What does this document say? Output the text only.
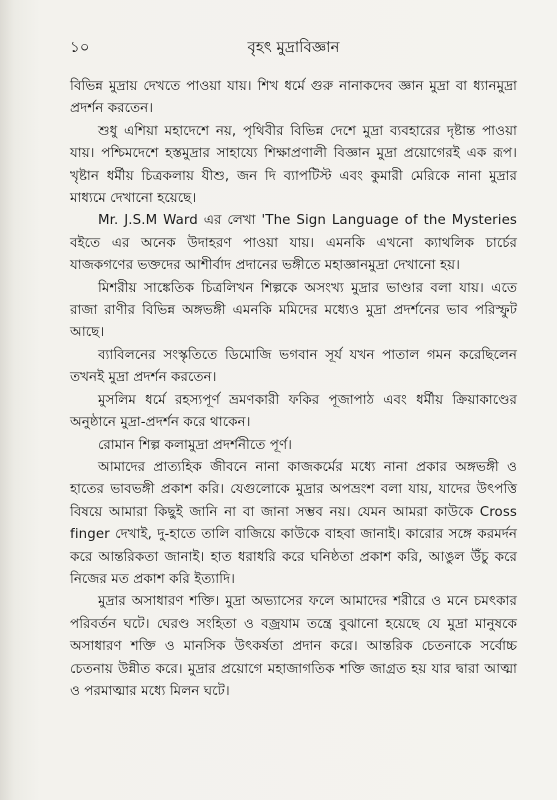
১০	বৃহৎ মুদ্রাবিজ্ঞান

বিভিন্ন মুদ্রায় দেখতে পাওয়া যায়। শিখ ধর্মে গুরু নানাকদেব জ্ঞান মুদ্রা বা ধ্যানমুদ্রা প্রদর্শন করতেন।

শুধু এশিয়া মহাদেশে নয়, পৃথিবীর বিভিন্ন দেশে মুদ্রা ব্যবহারের দৃষ্টান্ত পাওয়া যায়। পশ্চিমদেশে হস্তমুদ্রার সাহায্যে শিক্ষাপ্রণালী বিজ্ঞান মুদ্রা প্রয়োগেরই এক রূপ। খৃষ্টান ধর্মীয় চিত্রকলায় যীশু, জন দি ব্যাপটিস্ট এবং কুমারী মেরিকে নানা মুদ্রার মাধ্যমে দেখানো হয়েছে।

Mr. J.S.M Ward এর লেখা 'The Sign Language of the Mysteries বইতে এর অনেক উদাহরণ পাওয়া যায়। এমনকি এখনো ক্যাথলিক চার্চের যাজকগণের ভক্তদের আশীর্বাদ প্রদানের ভঙ্গীতে মহাজ্ঞানমুদ্রা দেখানো হয়।

মিশরীয় সাঙ্কেতিক চিত্রলিখন শিল্পকে অসংখ্য মুদ্রার ভাণ্ডার বলা যায়। এতে রাজা রাণীর বিভিন্ন অঙ্গভঙ্গী এমনকি মমিদের মধ্যেও মুদ্রা প্রদর্শনের ভাব পরিস্ফুট আছে।

ব্যাবিলনের সংস্কৃতিতে ডিমোজি ভগবান সূর্য যখন পাতাল গমন করেছিলেন তখনই মুদ্রা প্রদর্শন করতেন।

মুসলিম ধর্মে রহস্যপূর্ণ ভ্রমণকারী ফকির পূজাপাঠ এবং ধর্মীয় ক্রিয়াকাণ্ডের অনুষ্ঠানে মুদ্রা-প্রদর্শন করে থাকেন।

রোমান শিল্প কলামুদ্রা প্রদর্শনীতে পূর্ণ।

আমাদের প্রাত্যহিক জীবনে নানা কাজকর্মের মধ্যে নানা প্রকার অঙ্গভঙ্গী ও হাতের ভাবভঙ্গী প্রকাশ করি। যেগুলোকে মুদ্রার অপভ্রংশ বলা যায়, যাদের উৎপত্তি বিষয়ে আমারা কিছুই জানি না বা জানা সম্ভব নয়। যেমন আমরা কাউকে Cross finger দেখাই, দু-হাতে তালি বাজিয়ে কাউকে বাহবা জানাই। কারোর সঙ্গে করমর্দন করে আন্তরিকতা জানাই। হাত ধরাধরি করে ঘনিষ্ঠতা প্রকাশ করি, আঙুল উঁচু করে নিজের মত প্রকাশ করি ইত্যাদি।

মুদ্রার অসাধারণ শক্তি। মুদ্রা অভ্যাসের ফলে আমাদের শরীরে ও মনে চমৎকার পরিবর্তন ঘটে। ঘেরণ্ড সংহিতা ও বজ্রযাম তন্ত্রে বুঝানো হয়েছে যে মুদ্রা মানুষকে অসাধারণ শক্তি ও মানসিক উৎকর্ষতা প্রদান করে। আন্তরিক চেতনাকে সর্বোচ্চ চেতনায় উন্নীত করে। মুদ্রার প্রয়োগে মহাজাগতিক শক্তি জাগ্রত হয় যার দ্বারা আত্মা ও পরমাত্মার মধ্যে মিলন ঘটে।
